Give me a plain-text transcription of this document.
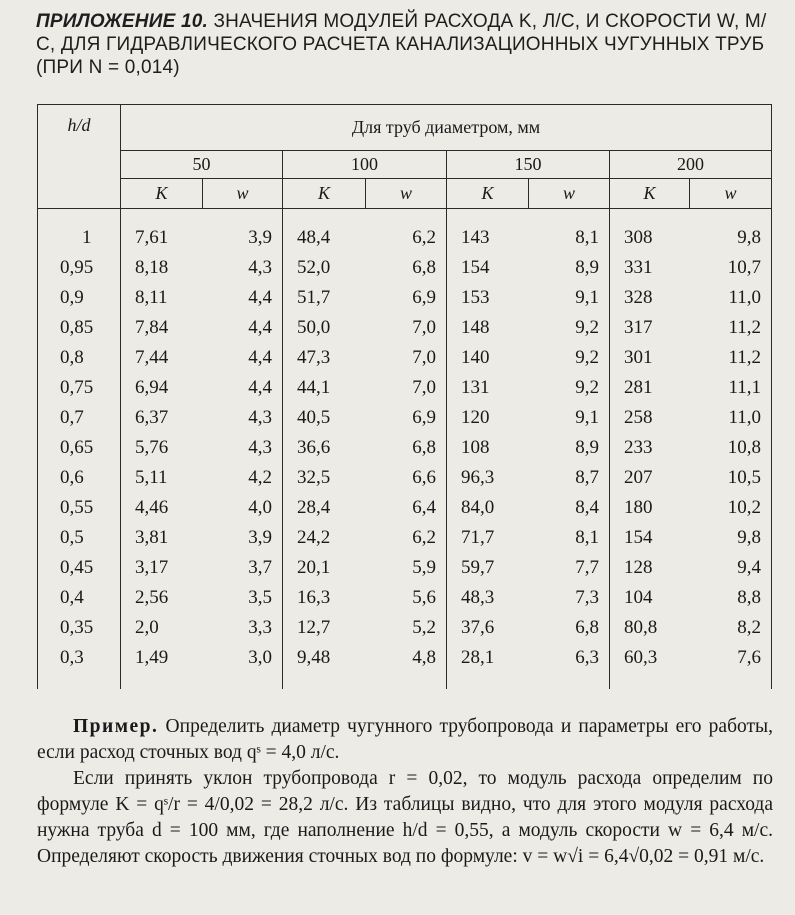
ПРИЛОЖЕНИЕ 10. ЗНАЧЕНИЯ МОДУЛЕЙ РАСХОДА K, Л/С, И СКОРОСТИ W, М/С, ДЛЯ ГИДРАВЛИЧЕСКОГО РАСЧЕТА КАНАЛИЗАЦИОННЫХ ЧУГУННЫХ ТРУБ (ПРИ N = 0,014)
h/d	Для труб диаметром, мм							
	50		100		150		200	
	K	w	K	w	K	w	K	w
1	7,61	3,9	48,4	6,2	143	8,1	308	9,8
0,95	8,18	4,3	52,0	6,8	154	8,9	331	10,7
0,9	8,11	4,4	51,7	6,9	153	9,1	328	11,0
0,85	7,84	4,4	50,0	7,0	148	9,2	317	11,2
0,8	7,44	4,4	47,3	7,0	140	9,2	301	11,2
0,75	6,94	4,4	44,1	7,0	131	9,2	281	11,1
0,7	6,37	4,3	40,5	6,9	120	9,1	258	11,0
0,65	5,76	4,3	36,6	6,8	108	8,9	233	10,8
0,6	5,11	4,2	32,5	6,6	96,3	8,7	207	10,5
0,55	4,46	4,0	28,4	6,4	84,0	8,4	180	10,2
0,5	3,81	3,9	24,2	6,2	71,7	8,1	154	9,8
0,45	3,17	3,7	20,1	5,9	59,7	7,7	128	9,4
0,4	2,56	3,5	16,3	5,6	48,3	7,3	104	8,8
0,35	2,0	3,3	12,7	5,2	37,6	6,8	80,8	8,2
0,3	1,49	3,0	9,48	4,8	28,1	6,3	60,3	7,6

Пример. Определить диаметр чугунного трубопровода и параметры его работы, если расход сточных вод qˢ = 4,0 л/с.

Если принять уклон трубопровода r = 0,02, то модуль расхода определим по формуле K = qˢ/r = 4/0,02 = 28,2 л/с. Из таблицы видно, что для этого модуля расхода нужна труба d = 100 мм, где наполнение h/d = 0,55, а модуль скорости w = 6,4 м/с. Определяют скорость движения сточных вод по формуле: v = w√i = 6,4√0,02 = 0,91 м/с.
